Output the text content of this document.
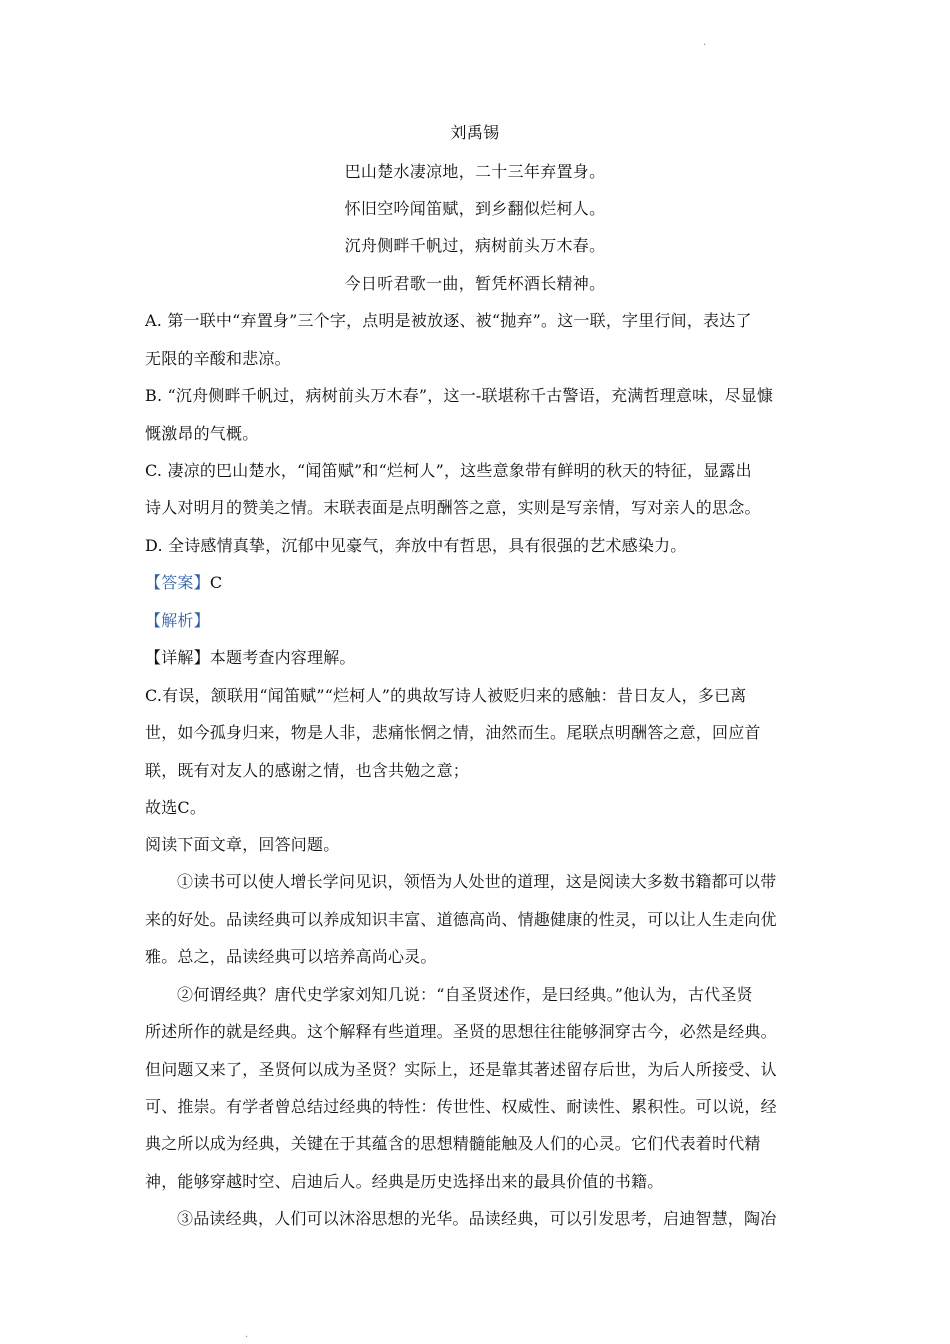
.
刘禹锡
巴山楚水凄凉地，二十三年弃置身。
怀旧空吟闻笛赋，到乡翻似烂柯人。
沉舟侧畔千帆过，病树前头万木春。
今日听君歌一曲，暂凭杯酒长精神。
A. 第一联中“弃置身”三个字，点明是被放逐、被“抛弃”。这一联，字里行间，表达了
无限的辛酸和悲凉。
B. “沉舟侧畔千帆过，病树前头万木春”，这一-联堪称千古警语，充满哲理意味，尽显慷
慨激昂的气概。
C. 凄凉的巴山楚水，“闻笛赋”和“烂柯人”，这些意象带有鲜明的秋天的特征，显露出
诗人对明月的赞美之情。末联表面是点明酬答之意，实则是写亲情，写对亲人的思念。
D. 全诗感情真挚，沉郁中见豪气，奔放中有哲思，具有很强的艺术感染力。
【答案】C
【解析】
【详解】本题考查内容理解。
C.有误，颔联用“闻笛赋”“烂柯人”的典故写诗人被贬归来的感触：昔日友人，多已离
世，如今孤身归来，物是人非，悲痛怅惘之情，油然而生。尾联点明酬答之意，回应首
联，既有对友人的感谢之情，也含共勉之意；
故选C。
阅读下面文章，回答问题。
①读书可以使人增长学问见识，领悟为人处世的道理，这是阅读大多数书籍都可以带
来的好处。品读经典可以养成知识丰富、道德高尚、情趣健康的性灵，可以让人生走向优
雅。总之，品读经典可以培养高尚心灵。
②何谓经典？唐代史学家刘知几说：“自圣贤述作，是曰经典。”他认为，古代圣贤
所述所作的就是经典。这个解释有些道理。圣贤的思想往往能够洞穿古今，必然是经典。
但问题又来了，圣贤何以成为圣贤？实际上，还是靠其著述留存后世，为后人所接受、认
可、推崇。有学者曾总结过经典的特性：传世性、权威性、耐读性、累积性。可以说，经
典之所以成为经典，关键在于其蕴含的思想精髓能触及人们的心灵。它们代表着时代精
神，能够穿越时空、启迪后人。经典是历史选择出来的最具价值的书籍。
③品读经典，人们可以沐浴思想的光华。品读经典，可以引发思考，启迪智慧，陶冶
.
